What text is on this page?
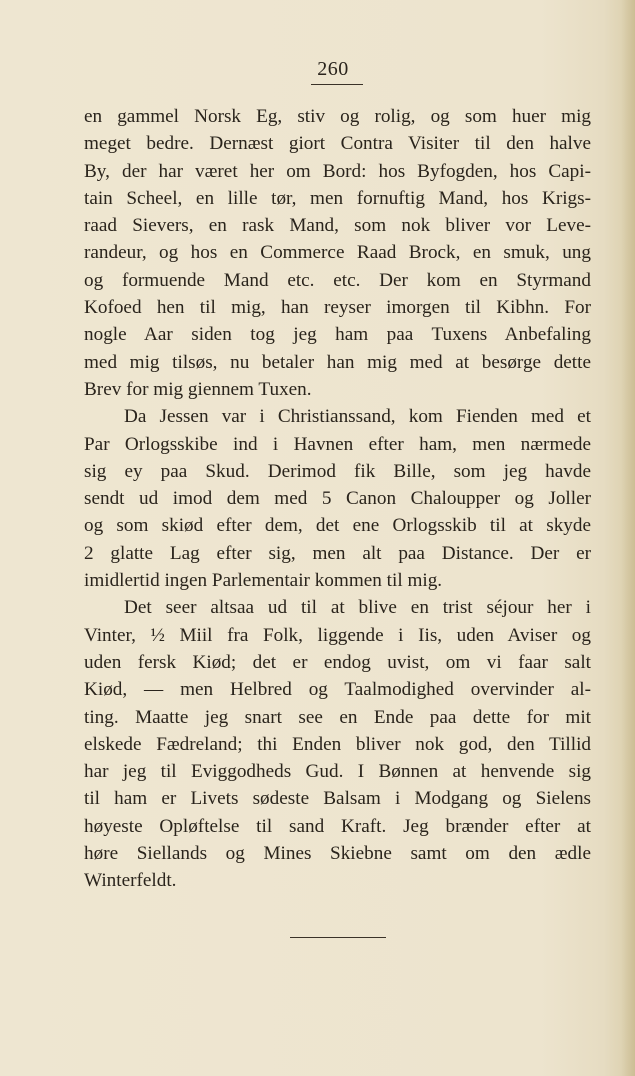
260
en gammel Norsk Eg, stiv og rolig, og som huer mig
meget bedre. Dernæst giort Contra Visiter til den halve
By, der har været her om Bord: hos Byfogden, hos Capi-
tain Scheel, en lille tør, men fornuftig Mand, hos Krigs-
raad Sievers, en rask Mand, som nok bliver vor Leve-
randeur, og hos en Commerce Raad Brock, en smuk, ung
og formuende Mand etc. etc. Der kom en Styrmand
Kofoed hen til mig, han reyser imorgen til Kibhn. For
nogle Aar siden tog jeg ham paa Tuxens Anbefaling
med mig tilsøs, nu betaler han mig med at besørge dette
Brev for mig giennem Tuxen.
Da Jessen var i Christianssand, kom Fienden med et
Par Orlogsskibe ind i Havnen efter ham, men nærmede
sig ey paa Skud. Derimod fik Bille, som jeg havde
sendt ud imod dem med 5 Canon Chaloupper og Joller
og som skiød efter dem, det ene Orlogsskib til at skyde
2 glatte Lag efter sig, men alt paa Distance. Der er
imidlertid ingen Parlementair kommen til mig.
Det seer altsaa ud til at blive en trist séjour her i
Vinter, ½ Miil fra Folk, liggende i Iis, uden Aviser og
uden fersk Kiød; det er endog uvist, om vi faar salt
Kiød, — men Helbred og Taalmodighed overvinder al-
ting. Maatte jeg snart see en Ende paa dette for mit
elskede Fædreland; thi Enden bliver nok god, den Tillid
har jeg til Eviggodheds Gud. I Bønnen at henvende sig
til ham er Livets sødeste Balsam i Modgang og Sielens
høyeste Opløftelse til sand Kraft. Jeg brænder efter at
høre Siellands og Mines Skiebne samt om den ædle
Winterfeldt.
